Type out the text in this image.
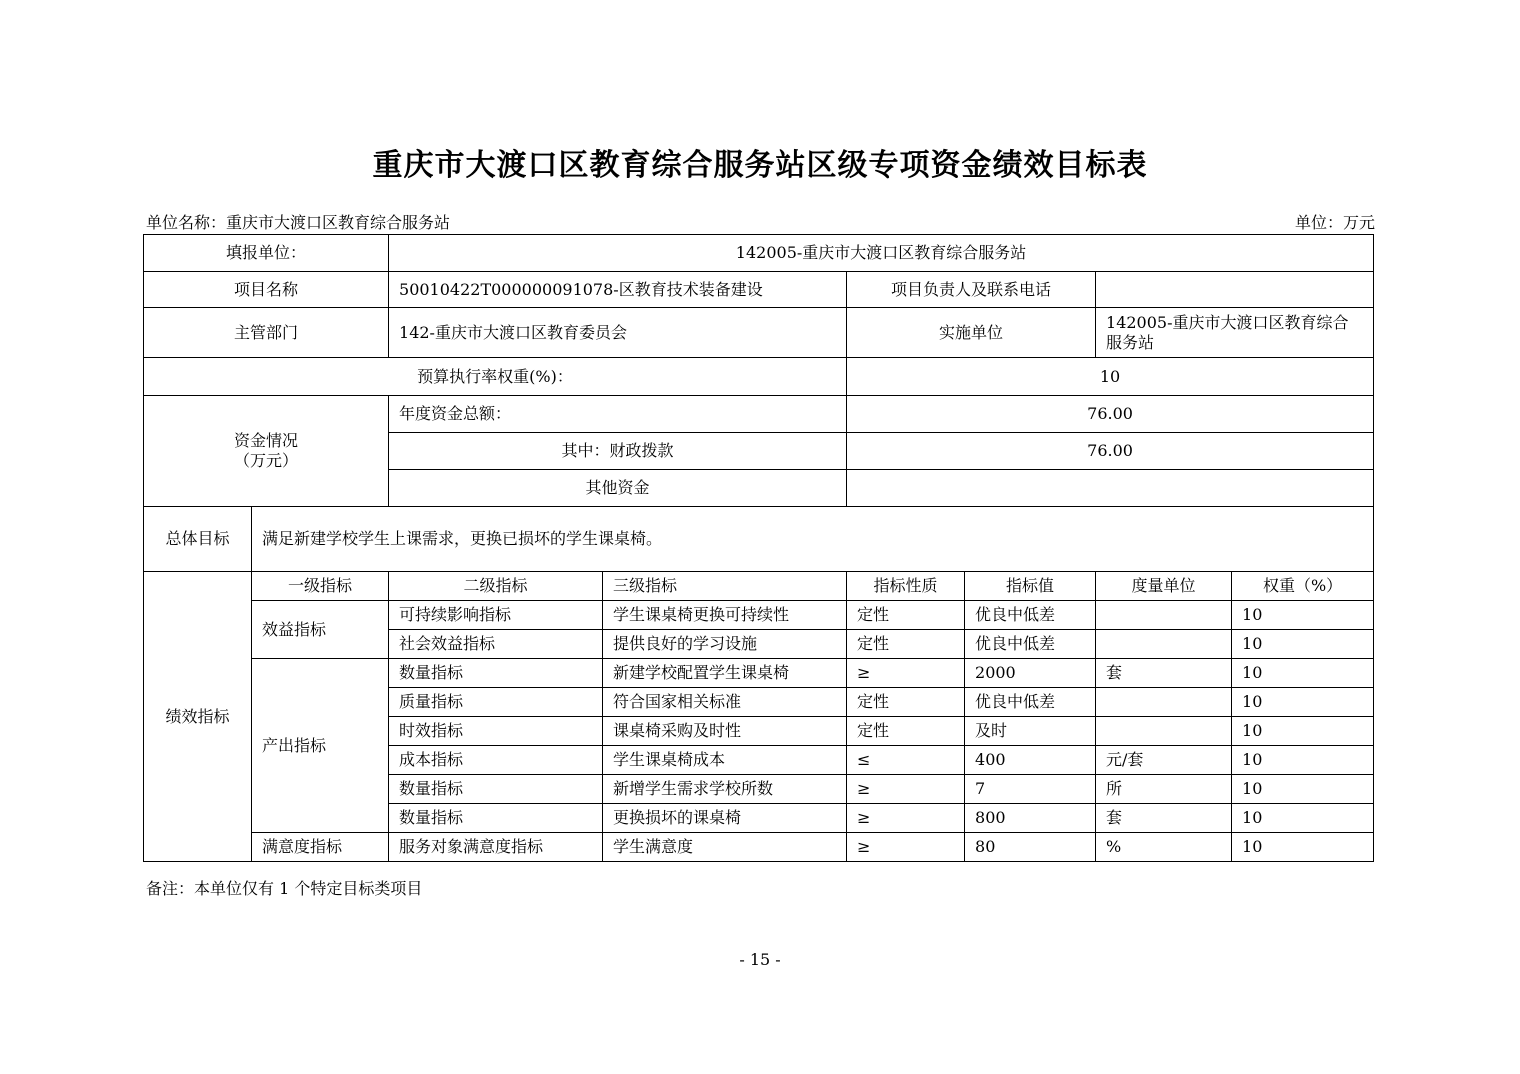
重庆市大渡口区教育综合服务站区级专项资金绩效目标表
单位名称：重庆市大渡口区教育综合服务站	单位：万元
填报单位：		142005-重庆市大渡口区教育综合服务站					
项目名称		50010422T000000091078-区教育技术装备建设		项目负责人及联系电话			
主管部门		142-重庆市大渡口区教育委员会		实施单位		142005-重庆市大渡口区教育综合服务站	
预算执行率权重(%)：				10			

资金情况
（万元）		年度资金总额：		76.00			
		其中：财政拨款		76.00			
		其他资金					
总体目标	满足新建学校学生上课需求，更换已损坏的学生课桌椅。						
绩效指标	一级指标	二级指标	三级指标	指标性质	指标值	度量单位	权重（%）
	效益指标	可持续影响指标	学生课桌椅更换可持续性	定性	优良中低差		10
		社会效益指标	提供良好的学习设施	定性	优良中低差		10
	产出指标	数量指标	新建学校配置学生课桌椅	≥	2000	套	10
		质量指标	符合国家相关标准	定性	优良中低差		10
		时效指标	课桌椅采购及时性	定性	及时		10
		成本指标	学生课桌椅成本	≤	400	元/套	10
		数量指标	新增学生需求学校所数	≥	7	所	10
		数量指标	更换损坏的课桌椅	≥	800	套	10
	满意度指标	服务对象满意度指标	学生满意度	≥	80	%	10
备注：本单位仅有 1 个特定目标类项目
- 15 -
